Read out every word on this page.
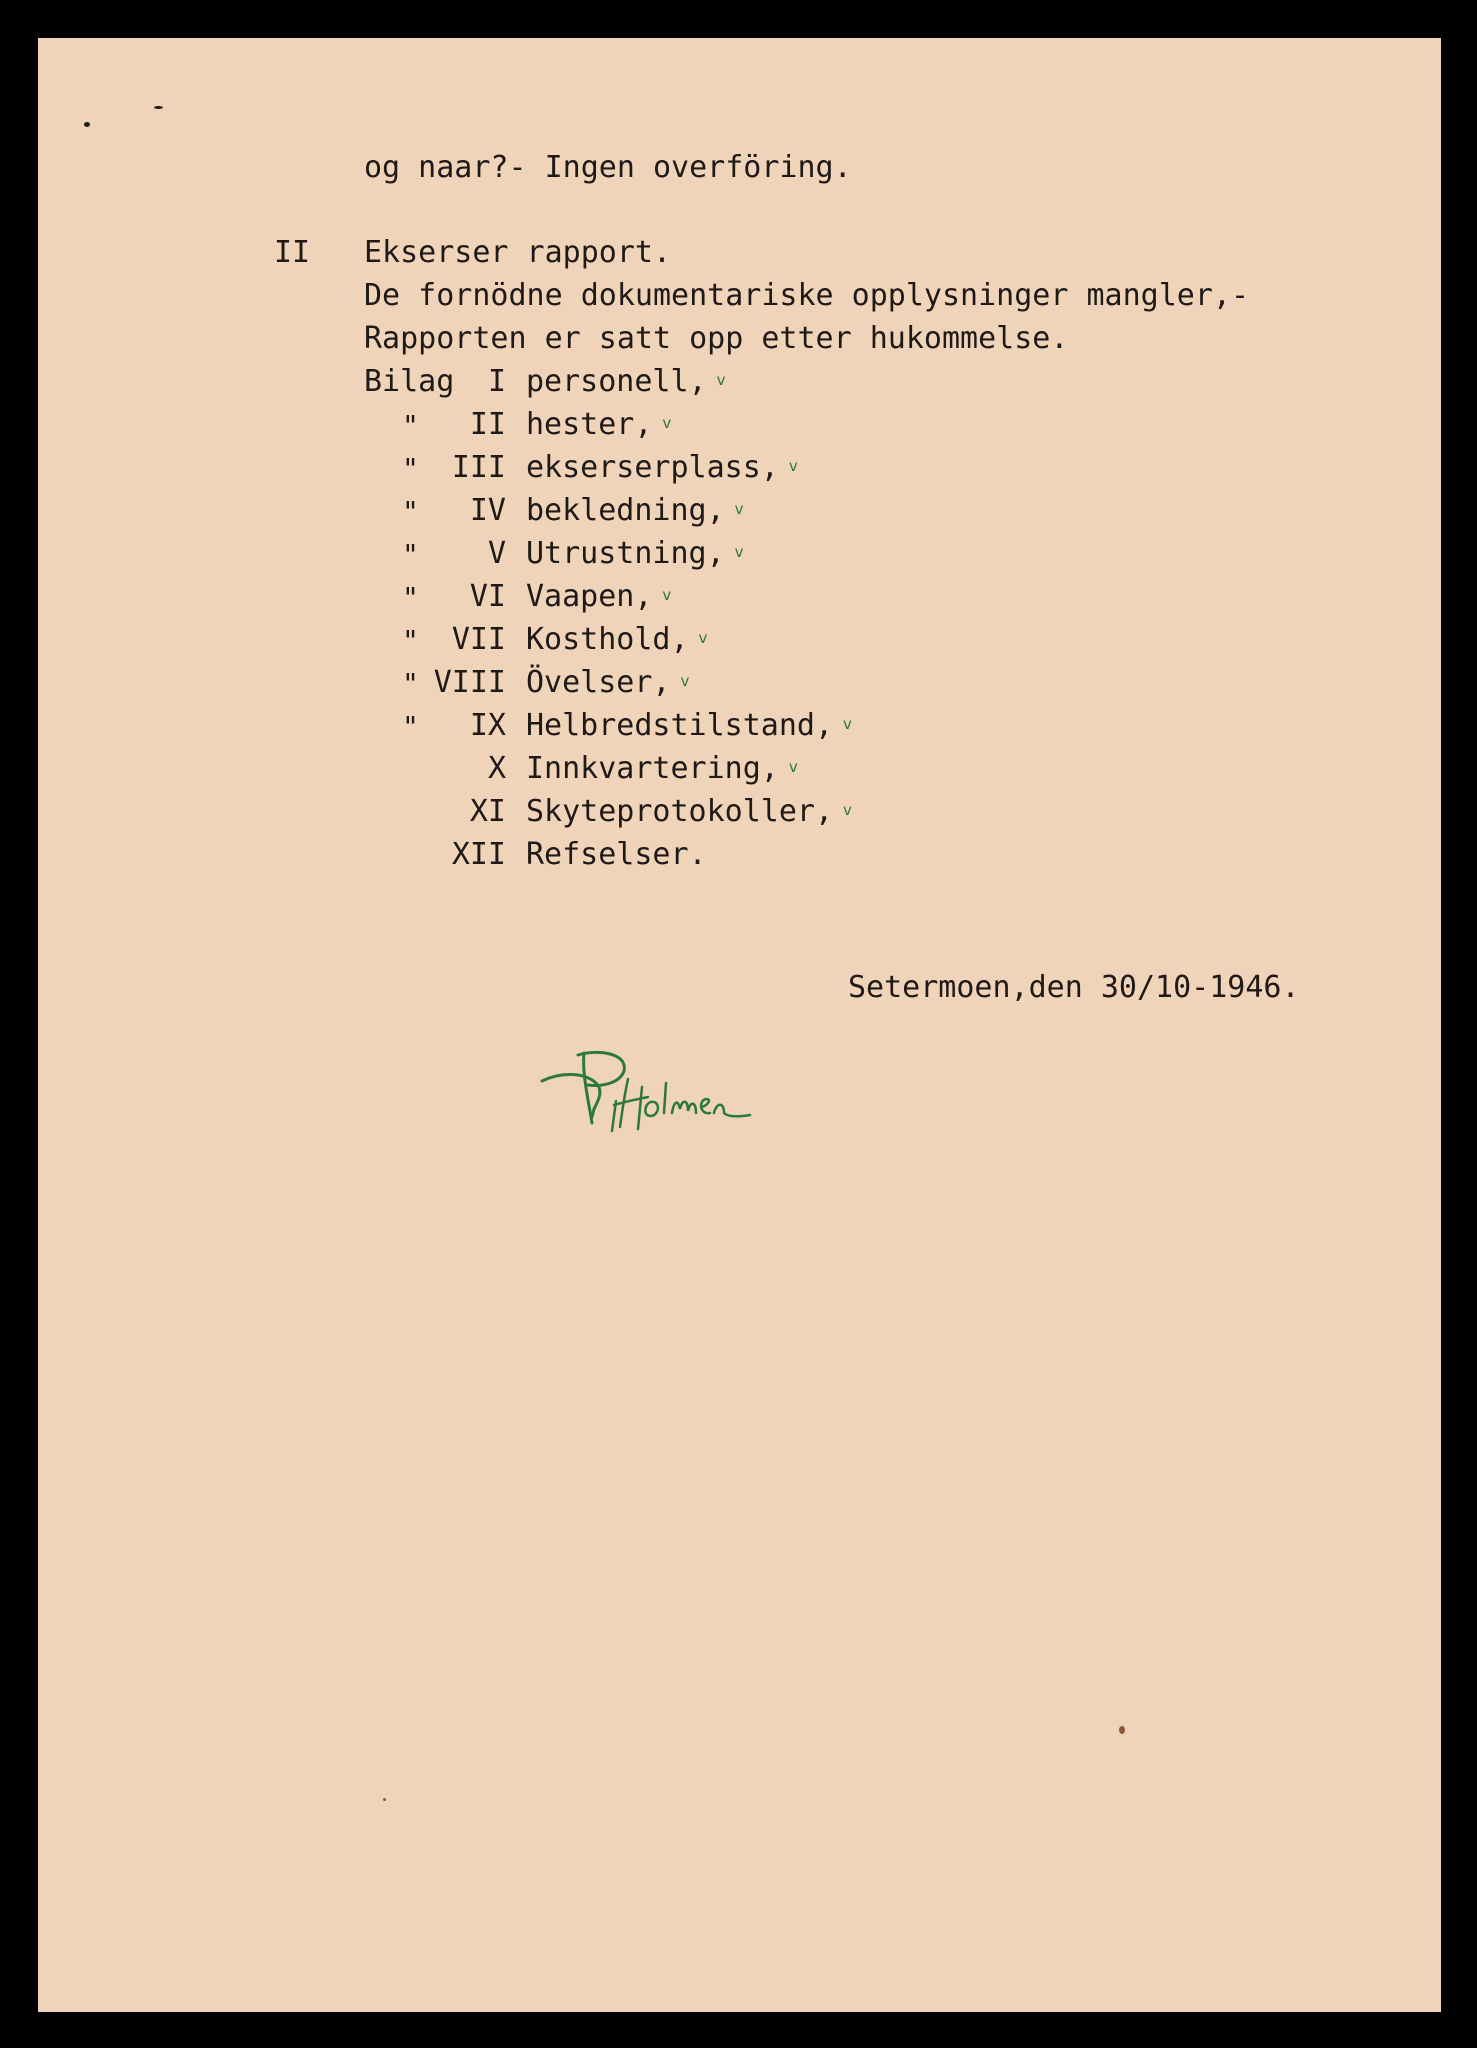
og naar?- Ingen overföring.
II Ekserser rapport.
De fornödne dokumentariske opplysninger mangler,-
Rapporten er satt opp etter hukommelse.
Bilag	I personell, v
"	II hester, v
"	III ekserserplass, v
"	IV bekledning, v
"	V Utrustning, v
"	VI Vaapen, v
"	VII Kosthold, v
" VIII Övelser, v
"	IX Helbredstilstand, v
X Innkvartering, v
XI Skyteprotokoller, v
XII Refselser.
Setermoen,den 30/10-1946.
